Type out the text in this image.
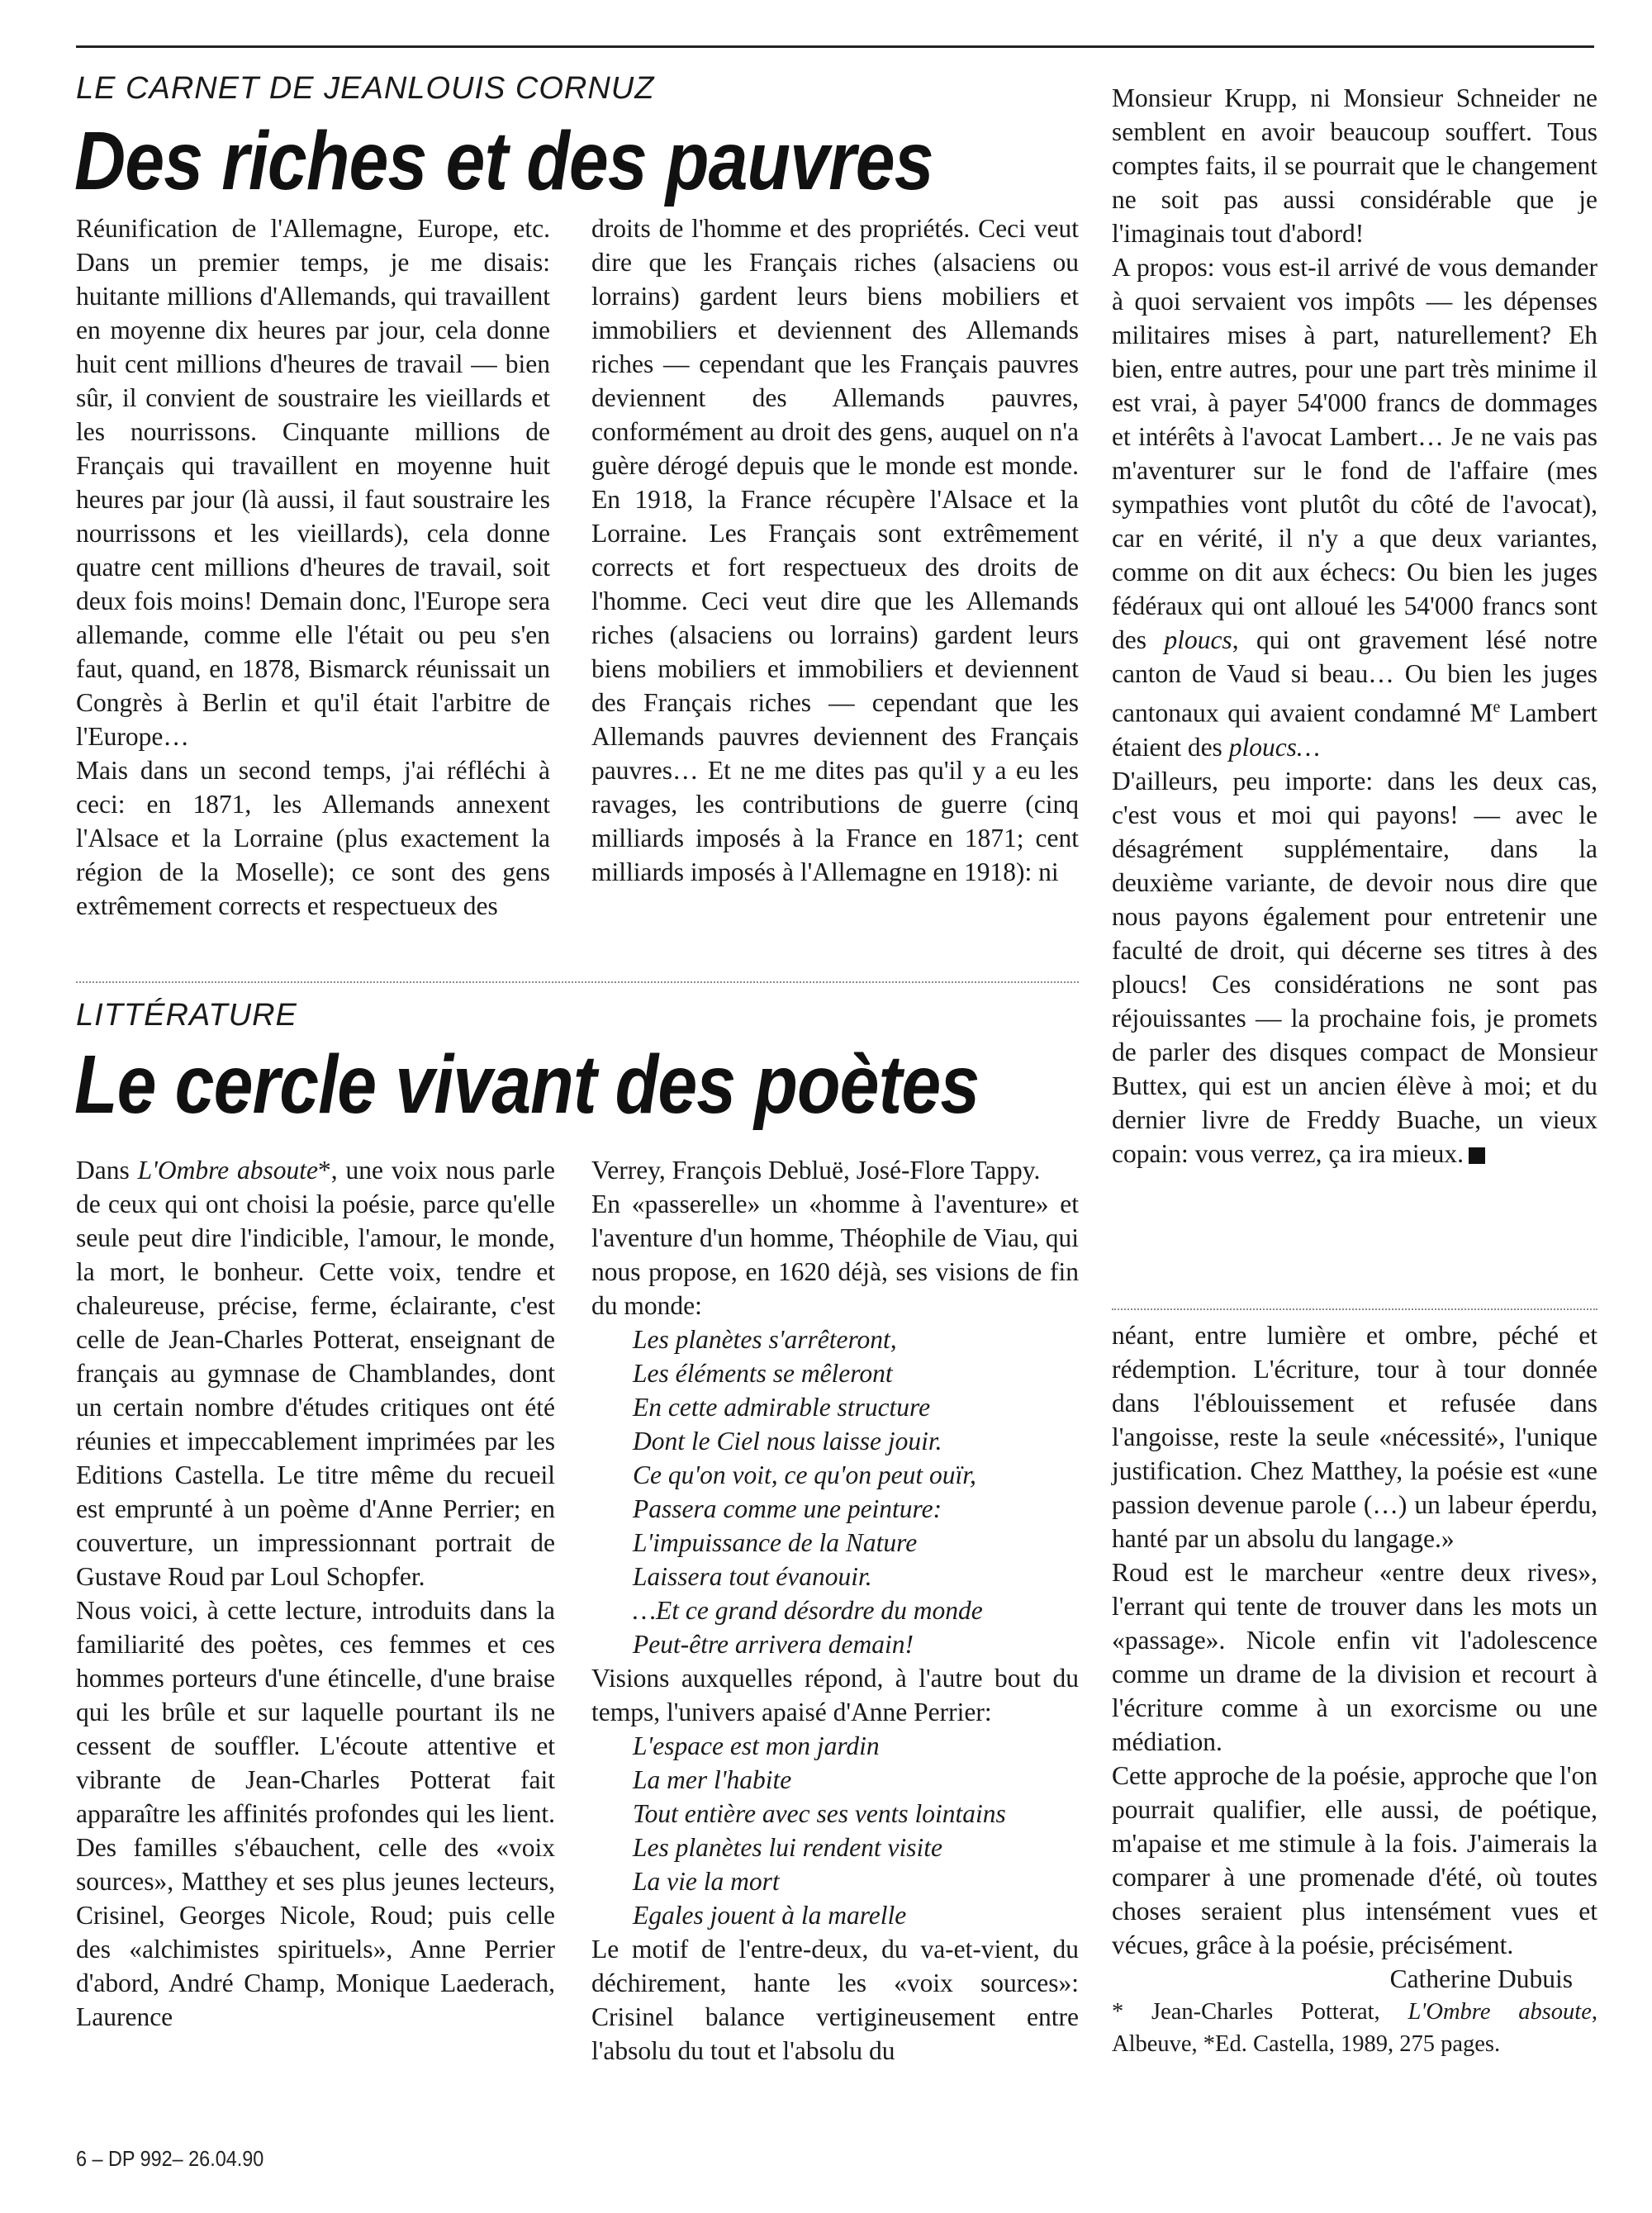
LE CARNET DE JEANLOUIS CORNUZ
Des riches et des pauvres

Réunification de l'Allemagne, Europe, etc. Dans un premier temps, je me disais: huitante millions d'Allemands, qui travaillent en moyenne dix heures par jour, cela donne huit cent millions d'heures de travail — bien sûr, il convient de soustraire les vieillards et les nourrissons. Cinquante millions de Français qui travaillent en moyenne huit heures par jour (là aussi, il faut soustraire les nourrissons et les vieillards), cela donne quatre cent millions d'heures de travail, soit deux fois moins! Demain donc, l'Europe sera allemande, comme elle l'était ou peu s'en faut, quand, en 1878, Bismarck réunissait un Congrès à Berlin et qu'il était l'arbitre de l'Europe…

Mais dans un second temps, j'ai réfléchi à ceci: en 1871, les Allemands annexent l'Alsace et la Lorraine (plus exactement la région de la Moselle); ce sont des gens extrêmement corrects et respectueux des

droits de l'homme et des propriétés. Ceci veut dire que les Français riches (alsaciens ou lorrains) gardent leurs biens mobiliers et immobiliers et deviennent des Allemands riches — cependant que les Français pauvres deviennent des Allemands pauvres, conformément au droit des gens, auquel on n'a guère dérogé depuis que le monde est monde. En 1918, la France récupère l'Alsace et la Lorraine. Les Français sont extrêmement corrects et fort respectueux des droits de l'homme. Ceci veut dire que les Allemands riches (alsaciens ou lorrains) gardent leurs biens mobiliers et immobiliers et deviennent des Français riches — cependant que les Allemands pauvres deviennent des Français pauvres… Et ne me dites pas qu'il y a eu les ravages, les contributions de guerre (cinq milliards imposés à la France en 1871; cent milliards imposés à l'Allemagne en 1918): ni

Monsieur Krupp, ni Monsieur Schneider ne semblent en avoir beaucoup souffert. Tous comptes faits, il se pourrait que le changement ne soit pas aussi considérable que je l'imaginais tout d'abord!

A propos: vous est-il arrivé de vous demander à quoi servaient vos impôts — les dépenses militaires mises à part, naturellement? Eh bien, entre autres, pour une part très minime il est vrai, à payer 54'000 francs de dommages et intérêts à l'avocat Lambert… Je ne vais pas m'aventurer sur le fond de l'affaire (mes sympathies vont plutôt du côté de l'avocat), car en vérité, il n'y a que deux variantes, comme on dit aux échecs: Ou bien les juges fédéraux qui ont alloué les 54'000 francs sont des ploucs, qui ont gravement lésé notre canton de Vaud si beau… Ou bien les juges cantonaux qui avaient condamné Me Lambert étaient des ploucs…

D'ailleurs, peu importe: dans les deux cas, c'est vous et moi qui payons! — avec le désagrément supplémentaire, dans la deuxième variante, de devoir nous dire que nous payons également pour entretenir une faculté de droit, qui décerne ses titres à des ploucs! Ces considérations ne sont pas réjouissantes — la prochaine fois, je promets de parler des disques compact de Monsieur Buttex, qui est un ancien élève à moi; et du dernier livre de Freddy Buache, un vieux copain: vous verrez, ça ira mieux.

LITTÉRATURE
Le cercle vivant des poètes

Dans L'Ombre absoute*, une voix nous parle de ceux qui ont choisi la poésie, parce qu'elle seule peut dire l'indicible, l'amour, le monde, la mort, le bonheur. Cette voix, tendre et chaleureuse, précise, ferme, éclairante, c'est celle de Jean-Charles Potterat, enseignant de français au gymnase de Chamblandes, dont un certain nombre d'études critiques ont été réunies et impeccablement imprimées par les Editions Castella. Le titre même du recueil est emprunté à un poème d'Anne Perrier; en couverture, un impressionnant portrait de Gustave Roud par Loul Schopfer.

Nous voici, à cette lecture, introduits dans la familiarité des poètes, ces femmes et ces hommes porteurs d'une étincelle, d'une braise qui les brûle et sur laquelle pourtant ils ne cessent de souffler. L'écoute attentive et vibrante de Jean-Charles Potterat fait apparaître les affinités profondes qui les lient. Des familles s'ébauchent, celle des «voix sources», Matthey et ses plus jeunes lecteurs, Crisinel, Georges Nicole, Roud; puis celle des «alchimistes spirituels», Anne Perrier d'abord, André Champ, Monique Laederach, Laurence

Verrey, François Debluë, José-Flore Tappy.

En «passerelle» un «homme à l'aventure» et l'aventure d'un homme, Théophile de Viau, qui nous propose, en 1620 déjà, ses visions de fin du monde:

Les planètes s'arrêteront,
Les éléments se mêleront
En cette admirable structure
Dont le Ciel nous laisse jouir.
Ce qu'on voit, ce qu'on peut ouïr,
Passera comme une peinture:
L'impuissance de la Nature
Laissera tout évanouir.
…Et ce grand désordre du monde
Peut-être arrivera demain!

Visions auxquelles répond, à l'autre bout du temps, l'univers apaisé d'Anne Perrier:

L'espace est mon jardin
La mer l'habite
Tout entière avec ses vents lointains
Les planètes lui rendent visite
La vie la mort
Egales jouent à la marelle

Le motif de l'entre-deux, du va-et-vient, du déchirement, hante les «voix sources»: Crisinel balance vertigineusement entre l'absolu du tout et l'absolu du

néant, entre lumière et ombre, péché et rédemption. L'écriture, tour à tour donnée dans l'éblouissement et refusée dans l'angoisse, reste la seule «nécessité», l'unique justification. Chez Matthey, la poésie est «une passion devenue parole (…) un labeur éperdu, hanté par un absolu du langage.»

Roud est le marcheur «entre deux rives», l'errant qui tente de trouver dans les mots un «passage». Nicole enfin vit l'adolescence comme un drame de la division et recourt à l'écriture comme à un exorcisme ou une médiation.

Cette approche de la poésie, approche que l'on pourrait qualifier, elle aussi, de poétique, m'apaise et me stimule à la fois. J'aimerais la comparer à une promenade d'été, où toutes choses seraient plus intensément vues et vécues, grâce à la poésie, précisément.

Catherine Dubuis

* Jean-Charles Potterat, L'Ombre absoute, Albeuve, *Ed. Castella, 1989, 275 pages.

6 – DP 992– 26.04.90
